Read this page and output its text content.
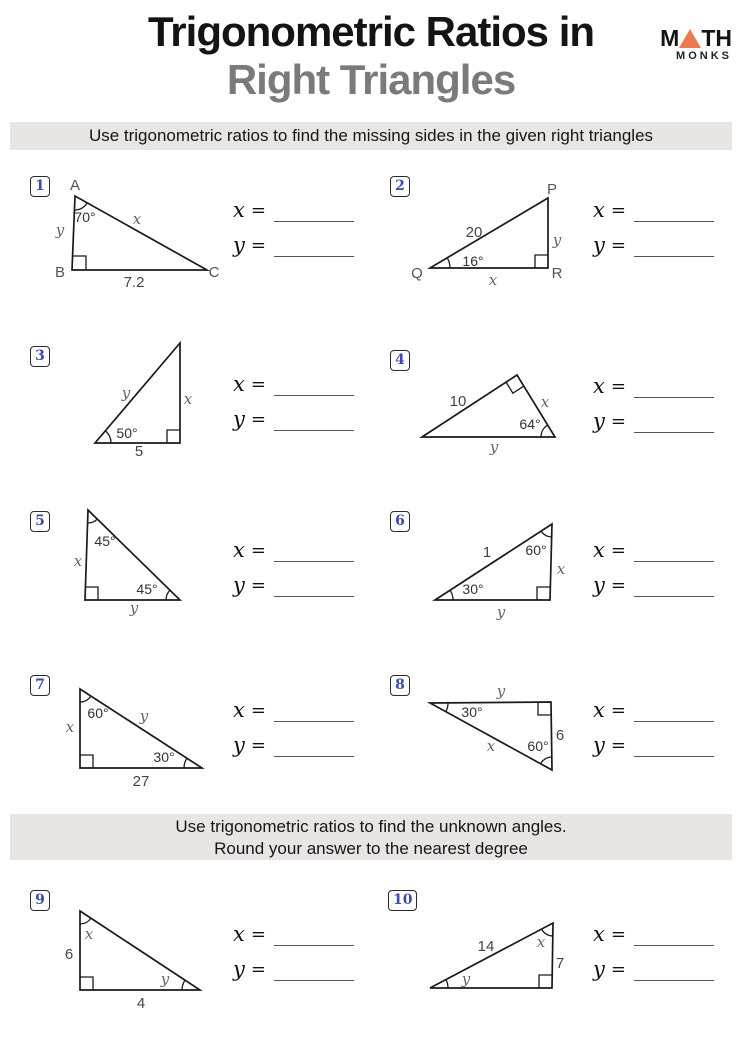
Trigonometric Ratios in
Right Triangles
M TH
MONKS
Use trigonometric ratios to find the missing sides in the given right triangles
1	A
B	C
70°
y
x
7.2
x =
y =
2	P
Q	R
20
16°
y
x
x =
y =
3
y	x
50°
5
x =
y =
4
10	x
64°
y
x =
y =
5
45°
x
45°
y
x =
y =
6
1 60°
x
30°
y
x =
y =
7
60°
x
y
30°
27
x =
y =
8	y
30°
6
x 60°
x =
y =
Use trigonometric ratios to find the unknown angles.
Round your answer to the nearest degree
9
x
6
y
4
x =
y =
10
14	x
7
y
x =
y =
